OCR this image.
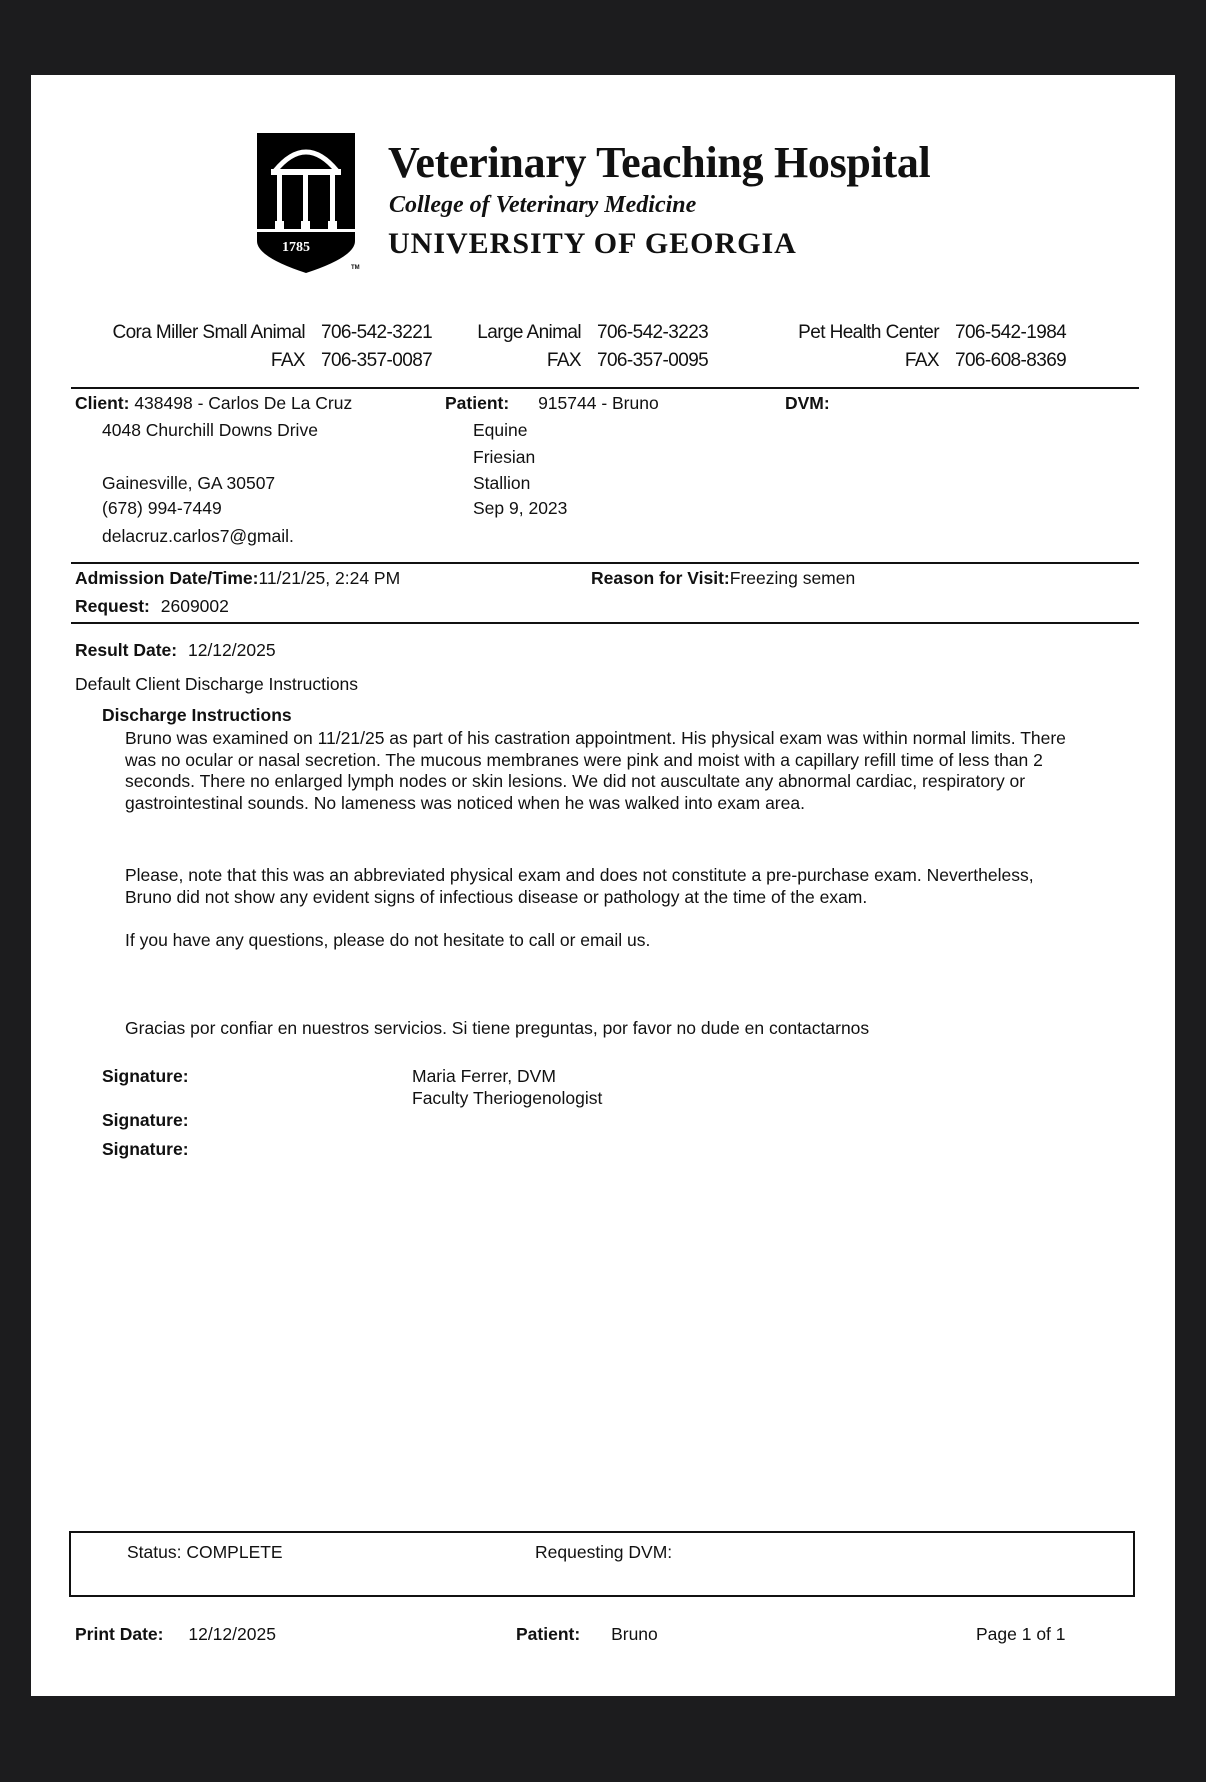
1785
TM
Veterinary Teaching Hospital
College of Veterinary Medicine
UNIVERSITY OF GEORGIA
Cora Miller Small Animal 706-542-3221
FAX 706-357-0087
Large Animal 706-542-3223
FAX 706-357-0095
Pet Health Center 706-542-1984
FAX 706-608-8369
Client: 438498 - Carlos De La Cruz
4048 Churchill Downs Drive
Gainesville, GA 30507
(678) 994-7449
delacruz.carlos7@gmail.
Patient: 915744 - Bruno
Equine
Friesian
Stallion
Sep 9, 2023
DVM:
Admission Date/Time:11/21/25, 2:24 PM	Reason for Visit:Freezing semen
Request: 2609002
Result Date: 12/12/2025
Default Client Discharge Instructions
Discharge Instructions
Bruno was examined on 11/21/25 as part of his castration appointment. His physical exam was within normal limits. There was no ocular or nasal secretion. The mucous membranes were pink and moist with a capillary refill time of less than 2 seconds. There no enlarged lymph nodes or skin lesions. We did not auscultate any abnormal cardiac, respiratory or gastrointestinal sounds. No lameness was noticed when he was walked into exam area.
Please, note that this was an abbreviated physical exam and does not constitute a pre-purchase exam. Nevertheless, Bruno did not show any evident signs of infectious disease or pathology at the time of the exam.
If you have any questions, please do not hesitate to call or email us.
Gracias por confiar en nuestros servicios. Si tiene preguntas, por favor no dude en contactarnos
Signature:	Maria Ferrer, DVM
Faculty Theriogenologist
Signature:
Signature:
Status: COMPLETE	Requesting DVM:
Print Date: 12/12/2025	Patient: Bruno	Page 1 of 1
